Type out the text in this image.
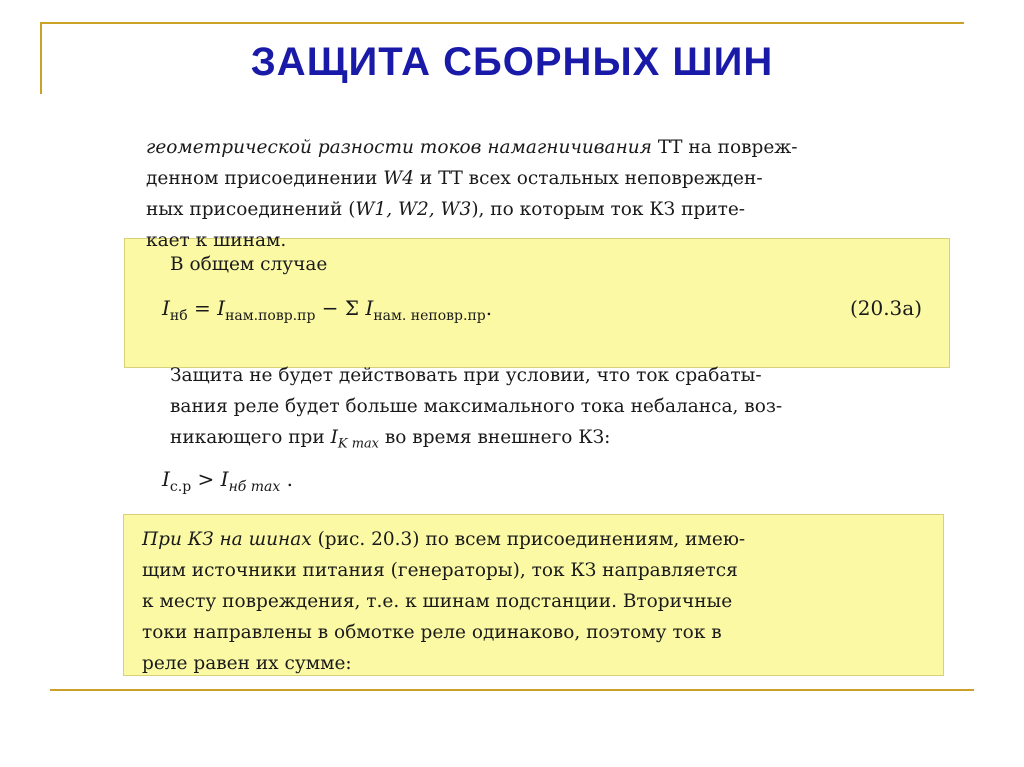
ЗАЩИТА СБОРНЫХ ШИН
геометрической разности токов намагничивания ТТ на повреж-
денном присоединении W4 и ТТ всех остальных неповрежден-
ных присоединений (W1, W2, W3), по которым ток КЗ прите-
кает к шинам.
В общем случае
$I_{нб} = I_{нам.повр.пр} - \Sigma$ $I_{нам. неповр.пр}$.	(20.3а)
Защита не будет действовать при условии, что ток срабаты-
вания реле будет больше максимального тока небаланса, воз-
никающего при $I_{K max}$ во время внешнего КЗ:
$I_{с.р} > I_{нб max}$ .
При КЗ на шинах (рис. 20.3) по всем присоединениям, имею-
щим источники питания (генераторы), ток КЗ направляется
к месту повреждения, т.е. к шинам подстанции. Вторичные
токи направлены в обмотке реле одинаково, поэтому ток в
реле равен их сумме:
